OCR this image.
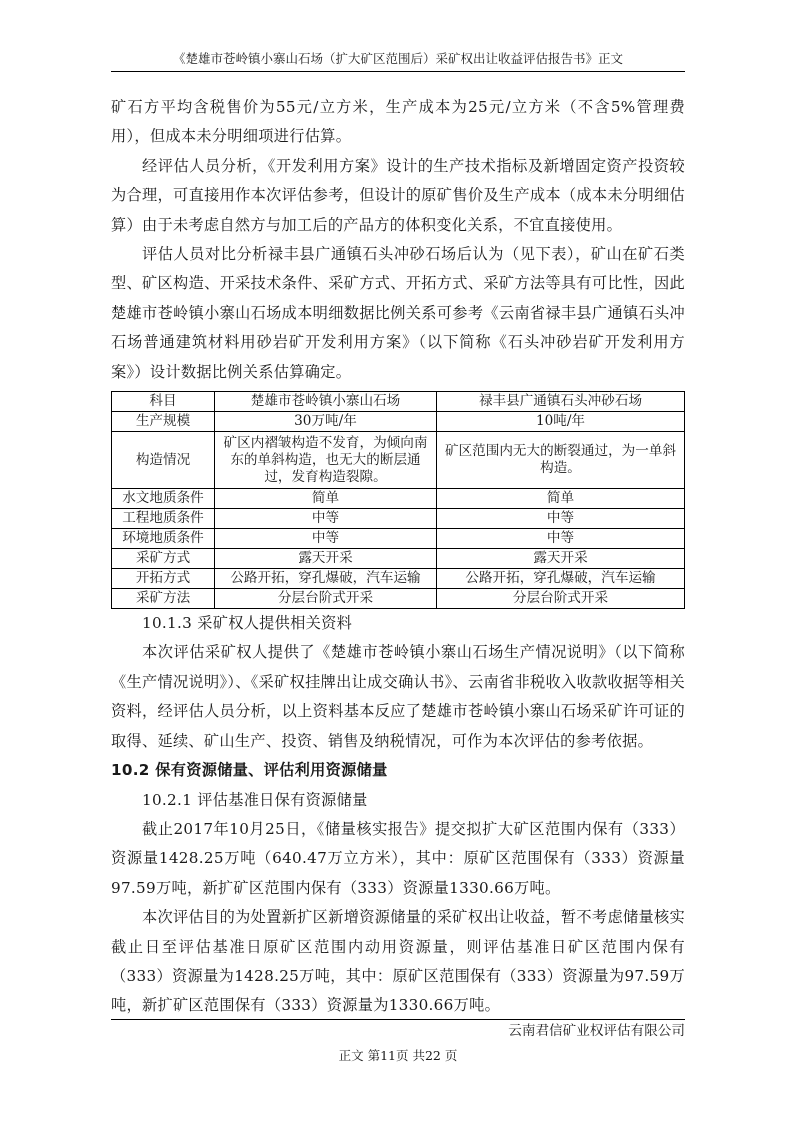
《楚雄市苍岭镇小寨山石场（扩大矿区范围后）采矿权出让收益评估报告书》正文

矿石方平均含税售价为55元/立方米，生产成本为25元/立方米（不含5%管理费用），但成本未分明细项进行估算。

经评估人员分析，《开发利用方案》设计的生产技术指标及新增固定资产投资较为合理，可直接用作本次评估参考，但设计的原矿售价及生产成本（成本未分明细估算）由于未考虑自然方与加工后的产品方的体积变化关系，不宜直接使用。

评估人员对比分析禄丰县广通镇石头冲砂石场后认为（见下表），矿山在矿石类型、矿区构造、开采技术条件、采矿方式、开拓方式、采矿方法等具有可比性，因此楚雄市苍岭镇小寨山石场成本明细数据比例关系可参考《云南省禄丰县广通镇石头冲石场普通建筑材料用砂岩矿开发利用方案》（以下简称《石头冲砂岩矿开发利用方案》）设计数据比例关系估算确定。

科目	楚雄市苍岭镇小寨山石场	禄丰县广通镇石头冲砂石场
生产规模	30万吨/年	10吨/年
构造情况	矿区内褶皱构造不发育，为倾向南东的单斜构造，也无大的断层通过，发育构造裂隙。	矿区范围内无大的断裂通过，为一单斜构造。
水文地质条件	简单	简单
工程地质条件	中等	中等
环境地质条件	中等	中等
采矿方式	露天开采	露天开采
开拓方式	公路开拓，穿孔爆破，汽车运输	公路开拓，穿孔爆破，汽车运输
采矿方法	分层台阶式开采	分层台阶式开采

10.1.3 采矿权人提供相关资料

本次评估采矿权人提供了《楚雄市苍岭镇小寨山石场生产情况说明》（以下简称《生产情况说明》）、《采矿权挂牌出让成交确认书》、云南省非税收入收款收据等相关资料，经评估人员分析，以上资料基本反应了楚雄市苍岭镇小寨山石场采矿许可证的取得、延续、矿山生产、投资、销售及纳税情况，可作为本次评估的参考依据。

10.2 保有资源储量、评估利用资源储量

10.2.1 评估基准日保有资源储量

截止2017年10月25日，《储量核实报告》提交拟扩大矿区范围内保有（333）资源量1428.25万吨（640.47万立方米），其中：原矿区范围保有（333）资源量97.59万吨，新扩矿区范围内保有（333）资源量1330.66万吨。

本次评估目的为处置新扩区新增资源储量的采矿权出让收益，暂不考虑储量核实截止日至评估基准日原矿区范围内动用资源量，则评估基准日矿区范围内保有（333）资源量为1428.25万吨，其中：原矿区范围保有（333）资源量为97.59万吨，新扩矿区范围保有（333）资源量为1330.66万吨。

云南君信矿业权评估有限公司
正文 第11页 共22 页
